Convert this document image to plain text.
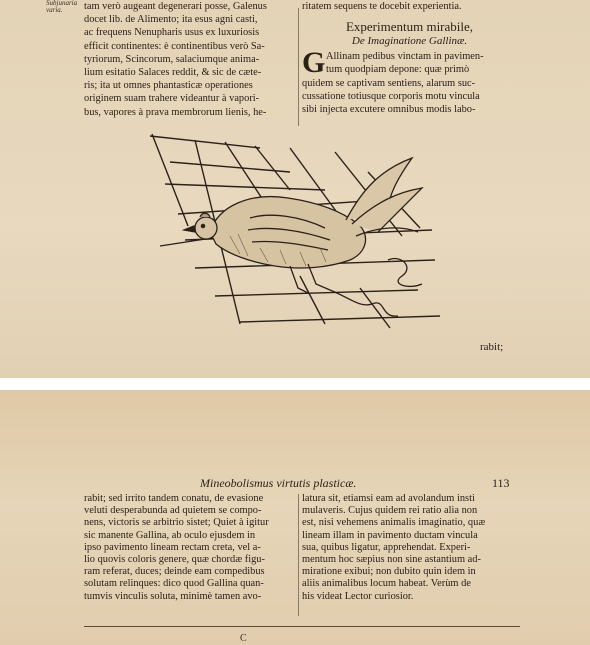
Subjunaria
varia.	tam verò augeant degenerari posse, Galenus
docet lib. de Alimento; ita esus agni casti,
ac frequens Nenupharis usus ex luxuriosis
efficit continentes: è continentibus verò Sa-
tyriorum, Scincorum, salaciumque anima-
lium esitatio Salaces reddit, & sic de cæte-
ris; ita ut omnes phantasticæ operationes
originem suam trahere videantur à vapori-
bus, vapores à prava membrorum lienis, he-
ritatem sequens te docebit experientia.
Experimentum mirabile,
De Imaginatione Gallinæ.
G Allinam pedibus vinctam in pavimen-
tum quodpiam depone: quæ primò
quidem se captivam sentiens, alarum suc-
cussatione totiusque corporis motu vincula
sibi injecta excutere omnibus modis labo-
rabit;
Mineobolismus virtutis plasticæ.	113
rabit; sed irrito tandem conatu, de evasione
veluti desperabunda ad quietem se compo-
nens, victoris se arbitrio sistet; Quiet à igitur
sic manente Gallina, ab oculo ejusdem in
ipso pavimento lineam rectam creta, vel a-
lio quovis coloris genere, quæ chordæ figu-
ram referat, duces; deinde eam compedibus
solutam relinques: dico quod Gallina quan-
tumvis vinculis soluta, minimè tamen avo-
latura sit, etiamsi eam ad avolandum insti
mulaveris. Cujus quidem rei ratio alia non
est, nisi vehemens animalis imaginatio, quæ
lineam illam in pavimento ductam vincula
sua, quibus ligatur, apprehendat. Experi-
mentum hoc sæpius non sine astantium ad-
miratione exibui; non dubito quin idem in
aliis animalibus locum habeat. Verùm de
his videat Lector curiosior.
C
